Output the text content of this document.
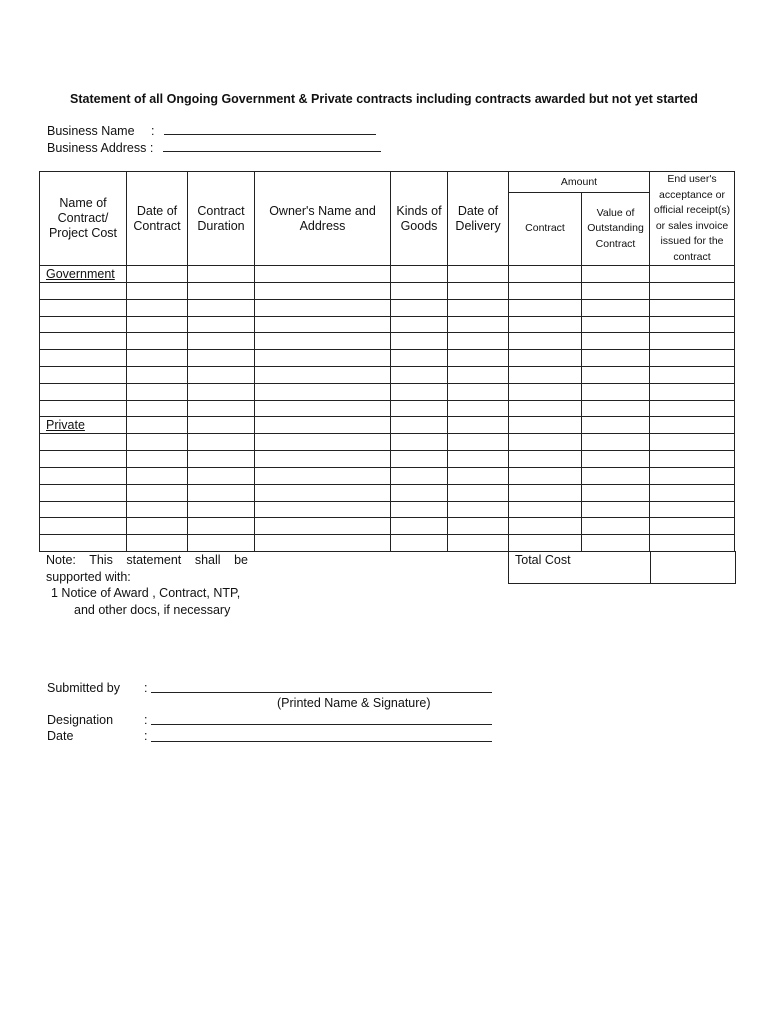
Statement of all Ongoing Government & Private contracts including contracts awarded but not yet started
Business Name :
Business Address :
Name of Contract/ Project Cost	Date of Contract	Contract Duration	Owner's Name and Address	Kinds of Goods	Date of Delivery	Amount		End user's acceptance or official receipt(s) or sales invoice issued for the contract
						Contract	Value of Outstanding Contract	
Government								

Private								

Note: This statement shall be
supported with:
1 Notice of Award , Contract, NTP,
and other docs, if necessary
Total Cost	
Submitted by :
(Printed Name & Signature)
Designation :
Date	:
